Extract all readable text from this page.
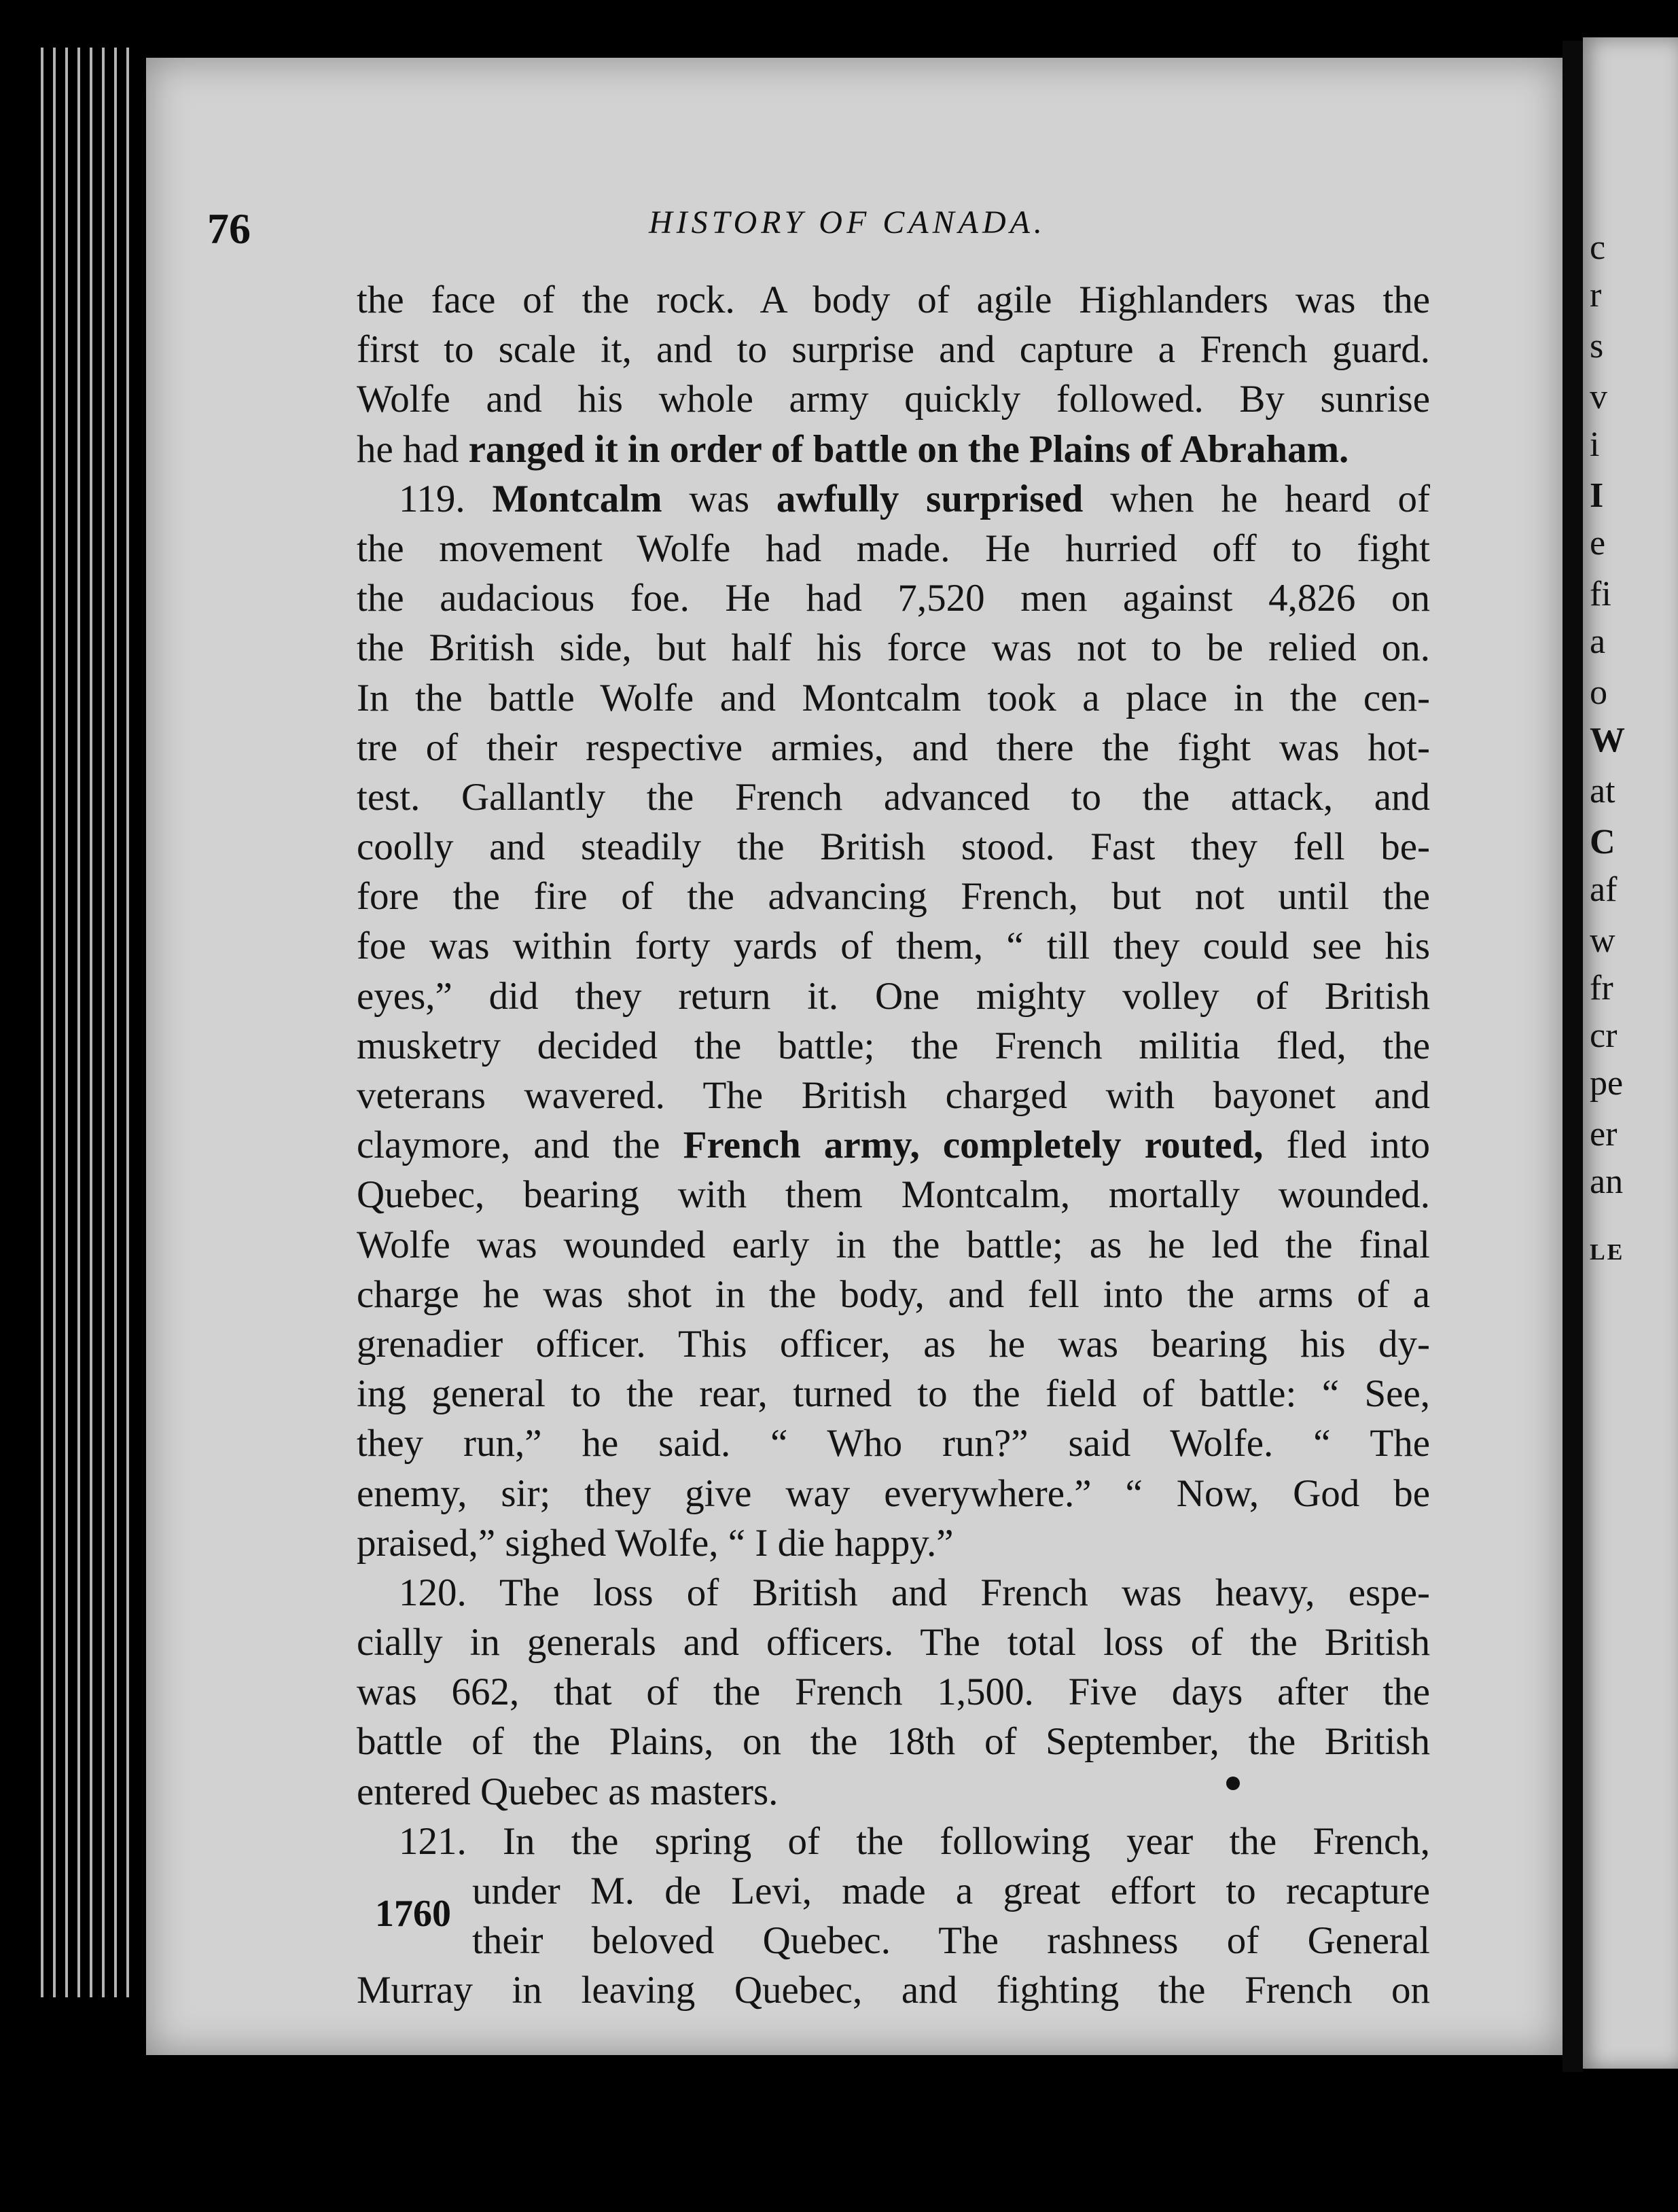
c
r
s
v
i
I
e
fi
a
o
W
at
C
af
w
fr
cr
pe
er
an
LE
76	HISTORY OF CANADA.
the face of the rock. A body of agile Highlanders was the
first to scale it, and to surprise and capture a French guard.
Wolfe and his whole army quickly followed. By sunrise
he had ranged it in order of battle on the Plains of Abraham.
119. Montcalm was awfully surprised when he heard of
the movement Wolfe had made. He hurried off to fight
the audacious foe. He had 7,520 men against 4,826 on
the British side, but half his force was not to be relied on.
In the battle Wolfe and Montcalm took a place in the cen-
tre of their respective armies, and there the fight was hot-
test. Gallantly the French advanced to the attack, and
coolly and steadily the British stood. Fast they fell be-
fore the fire of the advancing French, but not until the
foe was within forty yards of them, “ till they could see his
eyes,” did they return it. One mighty volley of British
musketry decided the battle; the French militia fled, the
veterans wavered. The British charged with bayonet and
claymore, and the French army, completely routed, fled into
Quebec, bearing with them Montcalm, mortally wounded.
Wolfe was wounded early in the battle; as he led the final
charge he was shot in the body, and fell into the arms of a
grenadier officer. This officer, as he was bearing his dy-
ing general to the rear, turned to the field of battle: “ See,
they run,” he said. “ Who run?” said Wolfe. “ The
enemy, sir; they give way everywhere.” “ Now, God be
praised,” sighed Wolfe, “ I die happy.”
120. The loss of British and French was heavy, espe-
cially in generals and officers. The total loss of the British
was 662, that of the French 1,500. Five days after the
battle of the Plains, on the 18th of September, the British
entered Quebec as masters.
121. In the spring of the following year the French,
under M. de Levi, made a great effort to recapture
their beloved Quebec. The rashness of General
Murray in leaving Quebec, and fighting the French on
1760
